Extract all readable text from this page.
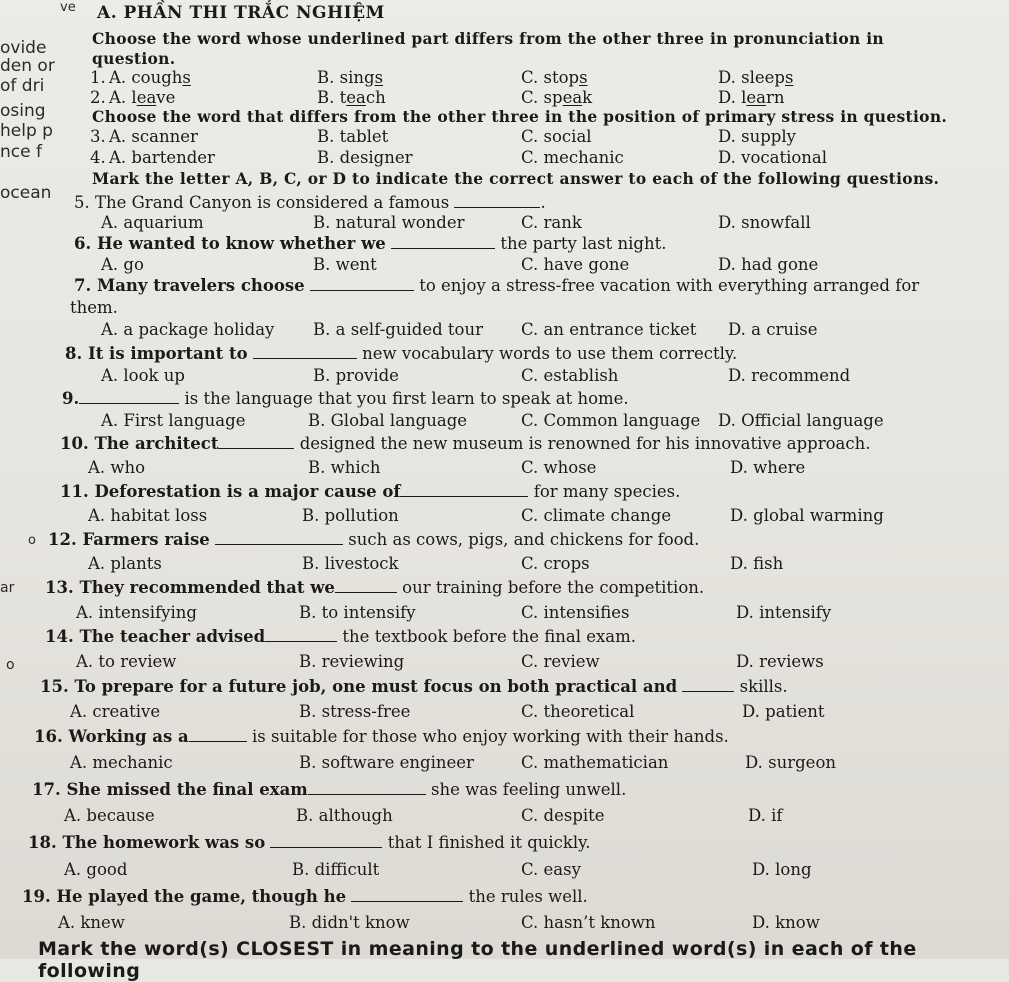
ve
ovide
den or
of dri
osing
help p
nce f
ocean
o
ar
o
A. PHẦN THI TRẮC NGHIỆM
Choose the word whose underlined part differs from the other three in pronunciation in
question.
1. A. coughs	B. sings	C. stops	D. sleeps
2. A. leave	B. teach	C. speak	D. learn
Choose the word that differs from the other three in the position of primary stress in question.
3. A. scanner	B. tablet	C. social	D. supply
4. A. bartender	B. designer	C. mechanic	D. vocational
Mark the letter A, B, C, or D to indicate the correct answer to each of the following questions.
5. The Grand Canyon is considered a famous	.
A. aquarium	B. natural wonder	C. rank	D. snowfall
6. He wanted to know whether we	the party last night.
A. go	B. went	C. have gone	D. had gone
7. Many travelers choose	to enjoy a stress-free vacation with everything arranged for
them.
A. a package holiday B. a self-guided tour C. an entrance ticket D. a cruise
8. It is important to	new vocabulary words to use them correctly.
A. look up	B. provide	C. establish	D. recommend
9.	is the language that you first learn to speak at home.
A. First language	B. Global language	C. Common language D. Official language
10. The architect	designed the new museum is renowned for his innovative approach.
A. who	B. which	C. whose	D. where
11. Deforestation is a major cause of	for many species.
A. habitat loss	B. pollution	C. climate change	D. global warming
12. Farmers raise	such as cows, pigs, and chickens for food.
A. plants	B. livestock	C. crops	D. fish
13. They recommended that we	our training before the competition.
A. intensifying	B. to intensify	C. intensifies	D. intensify
14. The teacher advised	the textbook before the final exam.
A. to review	B. reviewing	C. review	D. reviews
15. To prepare for a future job, one must focus on both practical and	skills.
A. creative	B. stress-free	C. theoretical	D. patient
16. Working as a	is suitable for those who enjoy working with their hands.
A. mechanic	B. software engineer	C. mathematician	D. surgeon
17. She missed the final exam	she was feeling unwell.
A. because	B. although	C. despite	D. if
18. The homework was so	that I finished it quickly.
A. good	B. difficult	C. easy	D. long
19. He played the game, though he	the rules well.
A. knew	B. didn't know	C. hasn’t known	D. know
Mark the word(s) CLOSEST in meaning to the underlined word(s) in each of the following
